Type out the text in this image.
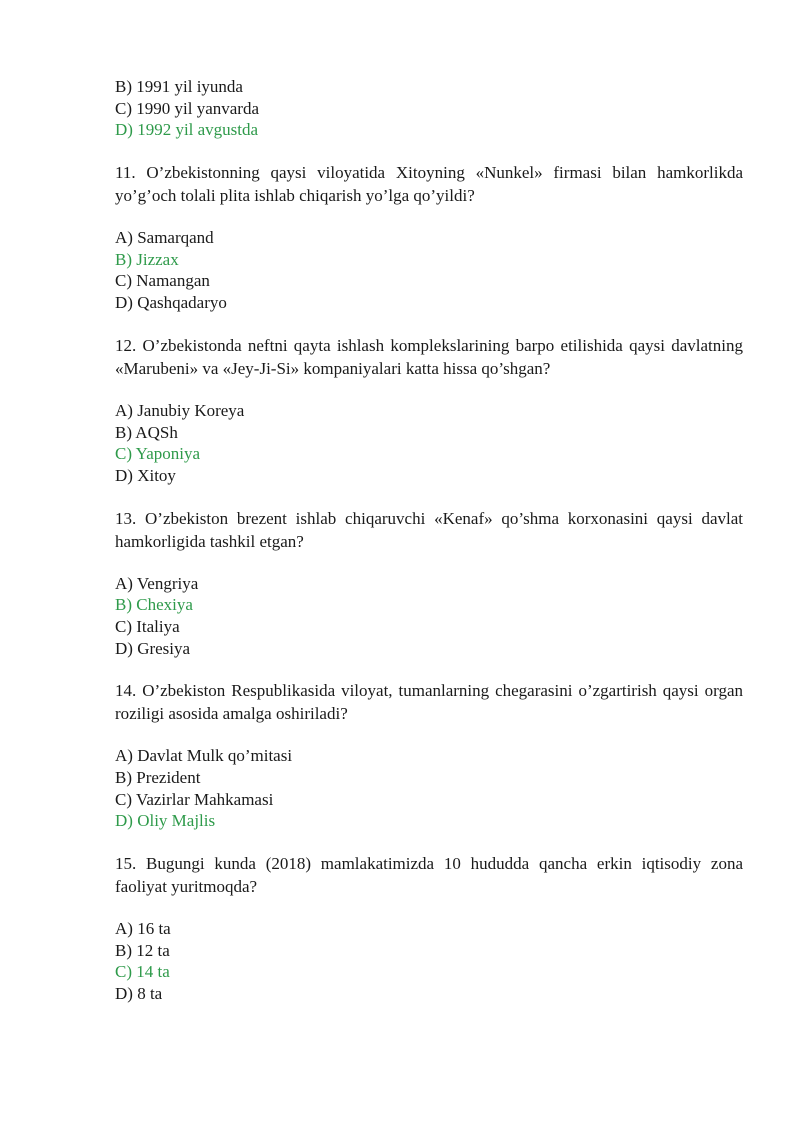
B) 1991 yil iyunda
C) 1990 yil yanvarda
D) 1992 yil avgustda
11. O’zbekistonning qaysi viloyatida Xitoyning «Nunkel» firmasi bilan hamkorlikda yo’g’och tolali plita ishlab chiqarish yo’lga qo’yildi?
A) Samarqand
B) Jizzax
C) Namangan
D) Qashqadaryo
12. O’zbekistonda neftni qayta ishlash komplekslarining barpo etilishida qaysi davlatning «Marubeni» va «Jey-Ji-Si» kompaniyalari katta hissa qo’shgan?
A) Janubiy Koreya
B) AQSh
C) Yaponiya
D) Xitoy
13. O’zbekiston brezent ishlab chiqaruvchi «Kenaf» qo’shma korxonasini qaysi davlat hamkorligida tashkil etgan?
A) Vengriya
B) Chexiya
C) Italiya
D) Gresiya
14. O’zbekiston Respublikasida viloyat, tumanlarning chegarasini o’zgartirish qaysi organ roziligi asosida amalga oshiriladi?
A) Davlat Mulk qo’mitasi
B) Prezident
C) Vazirlar Mahkamasi
D) Oliy Majlis
15. Bugungi kunda (2018) mamlakatimizda 10 hududda qancha erkin iqtisodiy zona faoliyat yuritmoqda?
A) 16 ta
B) 12 ta
C) 14 ta
D) 8 ta
